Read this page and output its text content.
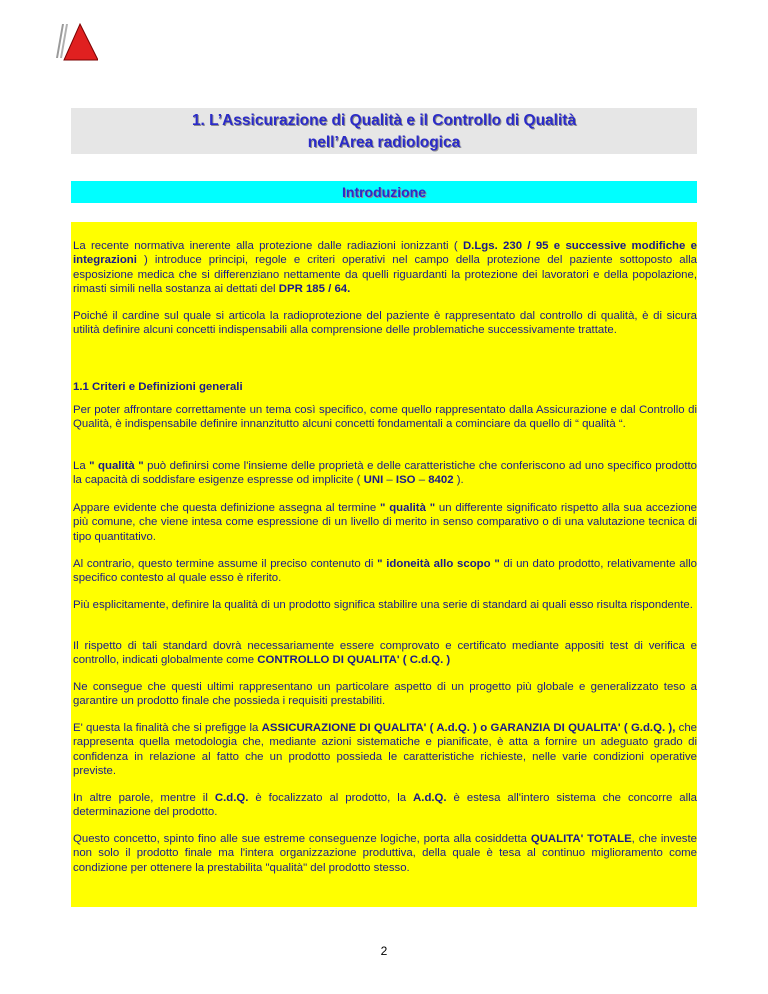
1. L’Assicurazione di Qualità e il Controllo di Qualità
nell’Area radiologica
Introduzione

La recente normativa inerente alla protezione dalle radiazioni ionizzanti ( D.Lgs. 230 / 95 e successive modifiche e integrazioni ) introduce principi, regole e criteri operativi nel campo della protezione del paziente sottoposto alla esposizione medica che si differenziano nettamente da quelli riguardanti la protezione dei lavoratori e della popolazione, rimasti simili nella sostanza ai dettati del DPR 185 / 64.

Poiché il cardine sul quale si articola la radioprotezione del paziente è rappresentato dal controllo di qualità, è di sicura utilità definire alcuni concetti indispensabili alla comprensione delle problematiche successivamente trattate.

1.1 Criteri e Definizioni generali

Per poter affrontare correttamente un tema così specifico, come quello rappresentato dalla Assicurazione e dal Controllo di Qualità, è indispensabile definire innanzitutto alcuni concetti fondamentali a cominciare da quello di “ qualità “.

La " qualità " può definirsi come l'insieme delle proprietà e delle caratteristiche che conferiscono ad uno specifico prodotto la capacità di soddisfare esigenze espresse od implicite ( UNI – ISO – 8402 ).

Appare evidente che questa definizione assegna al termine " qualità " un differente significato rispetto alla sua accezione più comune, che viene intesa come espressione di un livello di merito in senso comparativo o di una valutazione tecnica di tipo quantitativo.

Al contrario, questo termine assume il preciso contenuto di " idoneità allo scopo " di un dato prodotto, relativamente allo specifico contesto al quale esso è riferito.

Più esplicitamente, definire la qualità di un prodotto significa stabilire una serie di standard ai quali esso risulta rispondente.

Il rispetto di tali standard dovrà necessariamente essere comprovato e certificato mediante appositi test di verifica e controllo, indicati globalmente come CONTROLLO DI QUALITA' ( C.d.Q. )

Ne consegue che questi ultimi rappresentano un particolare aspetto di un progetto più globale e generalizzato teso a garantire un prodotto finale che possieda i requisiti prestabiliti.

E' questa la finalità che si prefigge la ASSICURAZIONE DI QUALITA' ( A.d.Q. ) o GARANZIA DI QUALITA' ( G.d.Q. ), che rappresenta quella metodologia che, mediante azioni sistematiche e pianificate, è atta a fornire un adeguato grado di confidenza in relazione al fatto che un prodotto possieda le caratteristiche richieste, nelle varie condizioni operative previste.

In altre parole, mentre il C.d.Q. è focalizzato al prodotto, la A.d.Q. è estesa all'intero sistema che concorre alla determinazione del prodotto.

Questo concetto, spinto fino alle sue estreme conseguenze logiche, porta alla cosiddetta QUALITA' TOTALE, che investe non solo il prodotto finale ma l'intera organizzazione produttiva, della quale è tesa al continuo miglioramento come condizione per ottenere la prestabilita "qualità" del prodotto stesso.

2
